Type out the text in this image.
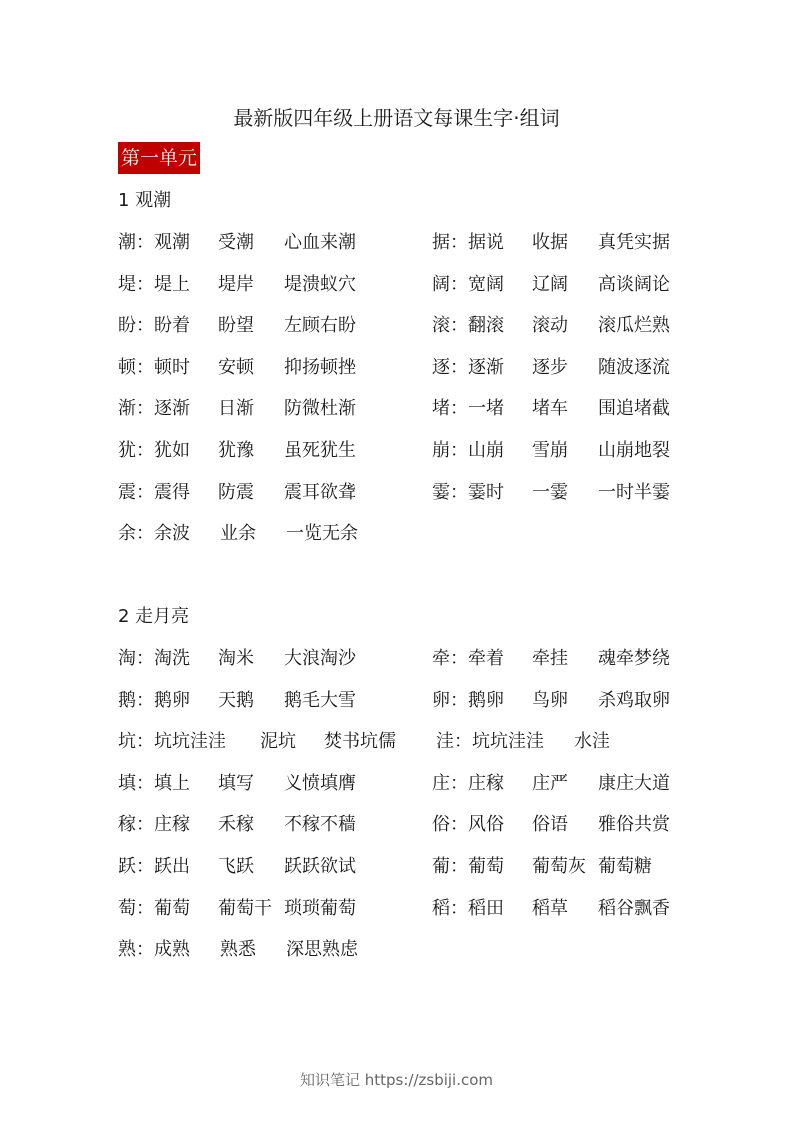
最新版四年级上册语文每课生字·组词
第一单元
1 观潮
潮：观潮 受潮 心血来潮	据：据说 收据 真凭实据
堤：堤上 堤岸 堤溃蚁穴	阔：宽阔 辽阔 高谈阔论
盼：盼着 盼望 左顾右盼	滚：翻滚 滚动 滚瓜烂熟
顿：顿时 安顿 抑扬顿挫	逐：逐渐 逐步 随波逐流
渐：逐渐 日渐 防微杜渐	堵：一堵 堵车 围追堵截
犹：犹如 犹豫 虽死犹生	崩：山崩 雪崩 山崩地裂
震：震得 防震 震耳欲聋	霎：霎时 一霎 一时半霎
余：余波 业余 一览无余
2 走月亮
淘：淘洗 淘米 大浪淘沙	牵：牵着 牵挂 魂牵梦绕
鹅：鹅卵 天鹅 鹅毛大雪	卵：鹅卵 鸟卵 杀鸡取卵
坑：坑坑洼洼 泥坑 焚书坑儒 洼：坑坑洼洼 水洼
填：填上 填写 义愤填膺	庄：庄稼 庄严 康庄大道
稼：庄稼 禾稼 不稼不穑	俗：风俗 俗语 雅俗共赏
跃：跃出 飞跃 跃跃欲试	葡：葡萄 葡萄灰 葡萄糖
萄：葡萄 葡萄干 琐琐葡萄	稻：稻田 稻草 稻谷飘香
熟：成熟 熟悉 深思熟虑
知识笔记 https://zsbiji.com
